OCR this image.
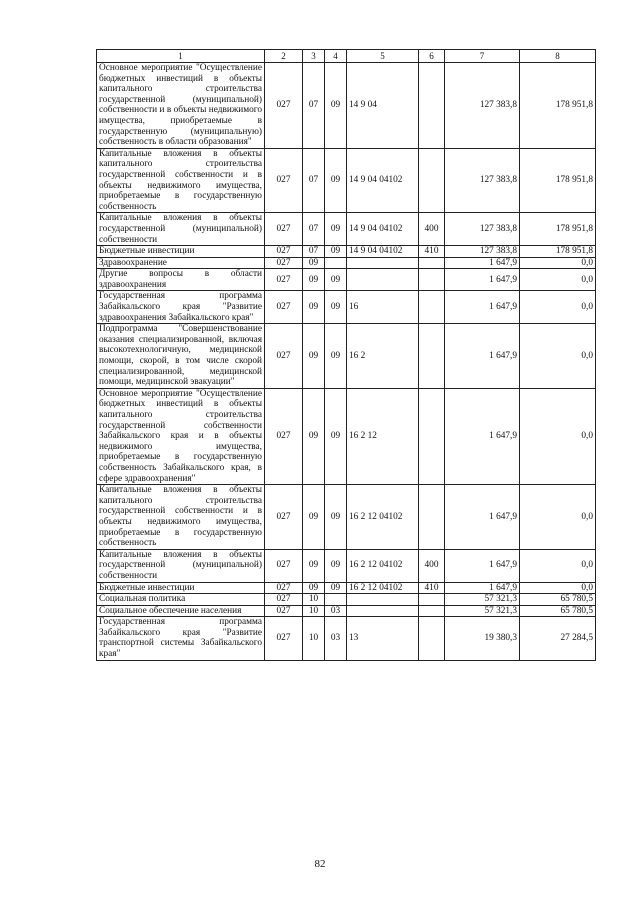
1	2	3	4	5	6	7	8
Основное мероприятие "Осуществление бюджетных инвестиций в объекты капитального строительства государственной (муниципальной) собственности и в объекты недвижимого имущества, приобретаемые в государственную (муниципальную) собственность в области образования"	027	07	09	14 9 04		127 383,8	178 951,8
Капитальные вложения в объекты капитального строительства государственной собственности и в объекты недвижимого имущества, приобретаемые в государственную собственность	027	07	09	14 9 04 04102		127 383,8	178 951,8
Капитальные вложения в объекты государственной (муниципальной) собственности	027	07	09	14 9 04 04102	400	127 383,8	178 951,8
Бюджетные инвестиции	027	07	09	14 9 04 04102	410	127 383,8	178 951,8
Здравоохранение	027	09				1 647,9	0,0
Другие вопросы в области здравоохранения	027	09	09			1 647,9	0,0
Государственная программа Забайкальского края "Развитие здравоохранения Забайкальского края"	027	09	09	16		1 647,9	0,0
Подпрограмма "Совершенствование оказания специализированной, включая высокотехнологичную, медицинской помощи, скорой, в том числе скорой специализированной, медицинской помощи, медицинской эвакуации"	027	09	09	16 2		1 647,9	0,0
Основное мероприятие "Осуществление бюджетных инвестиций в объекты капитального строительства государственной собственности Забайкальского края и в объекты недвижимого имущества, приобретаемые в государственную собственность Забайкальского края, в сфере здравоохранения"	027	09	09	16 2 12		1 647,9	0,0
Капитальные вложения в объекты капитального строительства государственной собственности и в объекты недвижимого имущества, приобретаемые в государственную собственность	027	09	09	16 2 12 04102		1 647,9	0,0
Капитальные вложения в объекты государственной (муниципальной) собственности	027	09	09	16 2 12 04102	400	1 647,9	0,0
Бюджетные инвестиции	027	09	09	16 2 12 04102	410	1 647,9	0,0
Социальная политика	027	10				57 321,3	65 780,5
Социальное обеспечение населения	027	10	03			57 321,3	65 780,5
Государственная программа Забайкальского края "Развитие транспортной системы Забайкальского края"	027	10	03	13		19 380,3	27 284,5
82
